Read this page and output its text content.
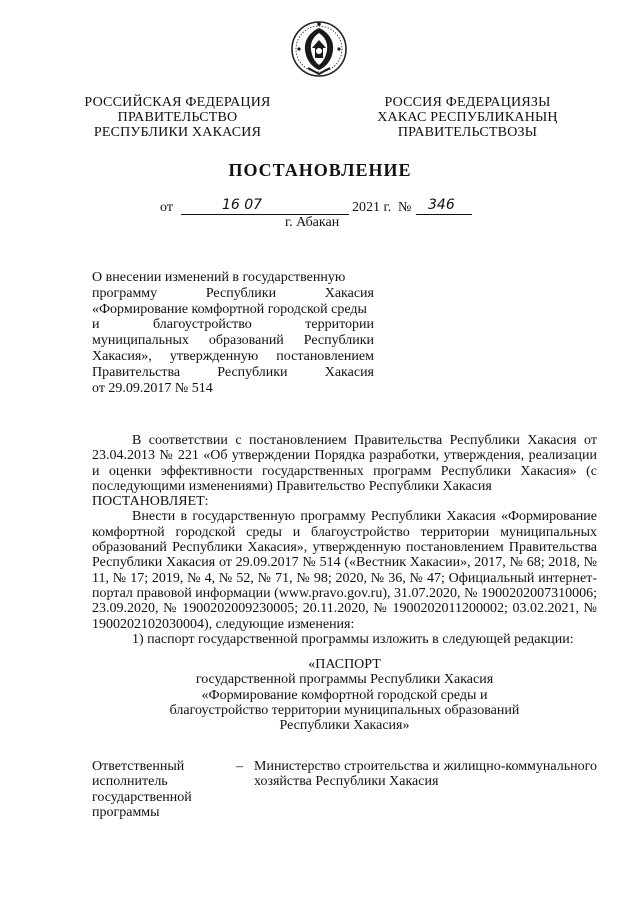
РОССИЙСКАЯ ФЕДЕРАЦИЯ
ПРАВИТЕЛЬСТВО
РЕСПУБЛИКИ ХАКАСИЯ
РОССИЯ ФЕДЕРАЦИЯЗЫ
ХАКАС РЕСПУБЛИКАНЫҢ
ПРАВИТЕЛЬСТВОЗЫ
ПОСТАНОВЛЕНИЕ
от	16 07	2021 г. № 346
г. Абакан

О внесении изменений в государственную

программу Республики Хакасия

«Формирование комфортной городской среды

и благоустройство территории

муниципальных образований Республики

Хакасия», утвержденную постановлением

Правительства Республики Хакасия

от 29.09.2017 № 514

В соответствии с постановлением Правительства Республики Хакасия от 23.04.2013 № 221 «Об утверждении Порядка разработки, утверждения, реализации и оценки эффективности государственных программ Республики Хакасия» (с последующими изменениями) Правительство Республики Хакасия

ПОСТАНОВЛЯЕТ:

Внести в государственную программу Республики Хакасия «Формирование комфортной городской среды и благоустройство территории муниципальных образований Республики Хакасия», утвержденную постановлением Правительства Республики Хакасия от 29.09.2017 № 514 («Вестник Хакасии», 2017, № 68; 2018, № 11, № 17; 2019, № 4, № 52, № 71, № 98; 2020, № 36, № 47; Официальный интернет-портал правовой информации (www.pravo.gov.ru), 31.07.2020, № 1900202007310006; 23.09.2020, № 1900202009230005; 20.11.2020, № 1900202011200002; 03.02.2021, № 1900202102030004), следующие изменения:

1) паспорт государственной программы изложить в следующей редакции:

«ПАСПОРТ
государственной программы Республики Хакасия
«Формирование комфортной городской среды и
благоустройство территории муниципальных образований
Республики Хакасия»
Ответственный исполнитель государственной программы
– Министерство строительства и жилищно-коммунального хозяйства Республики Хакасия
